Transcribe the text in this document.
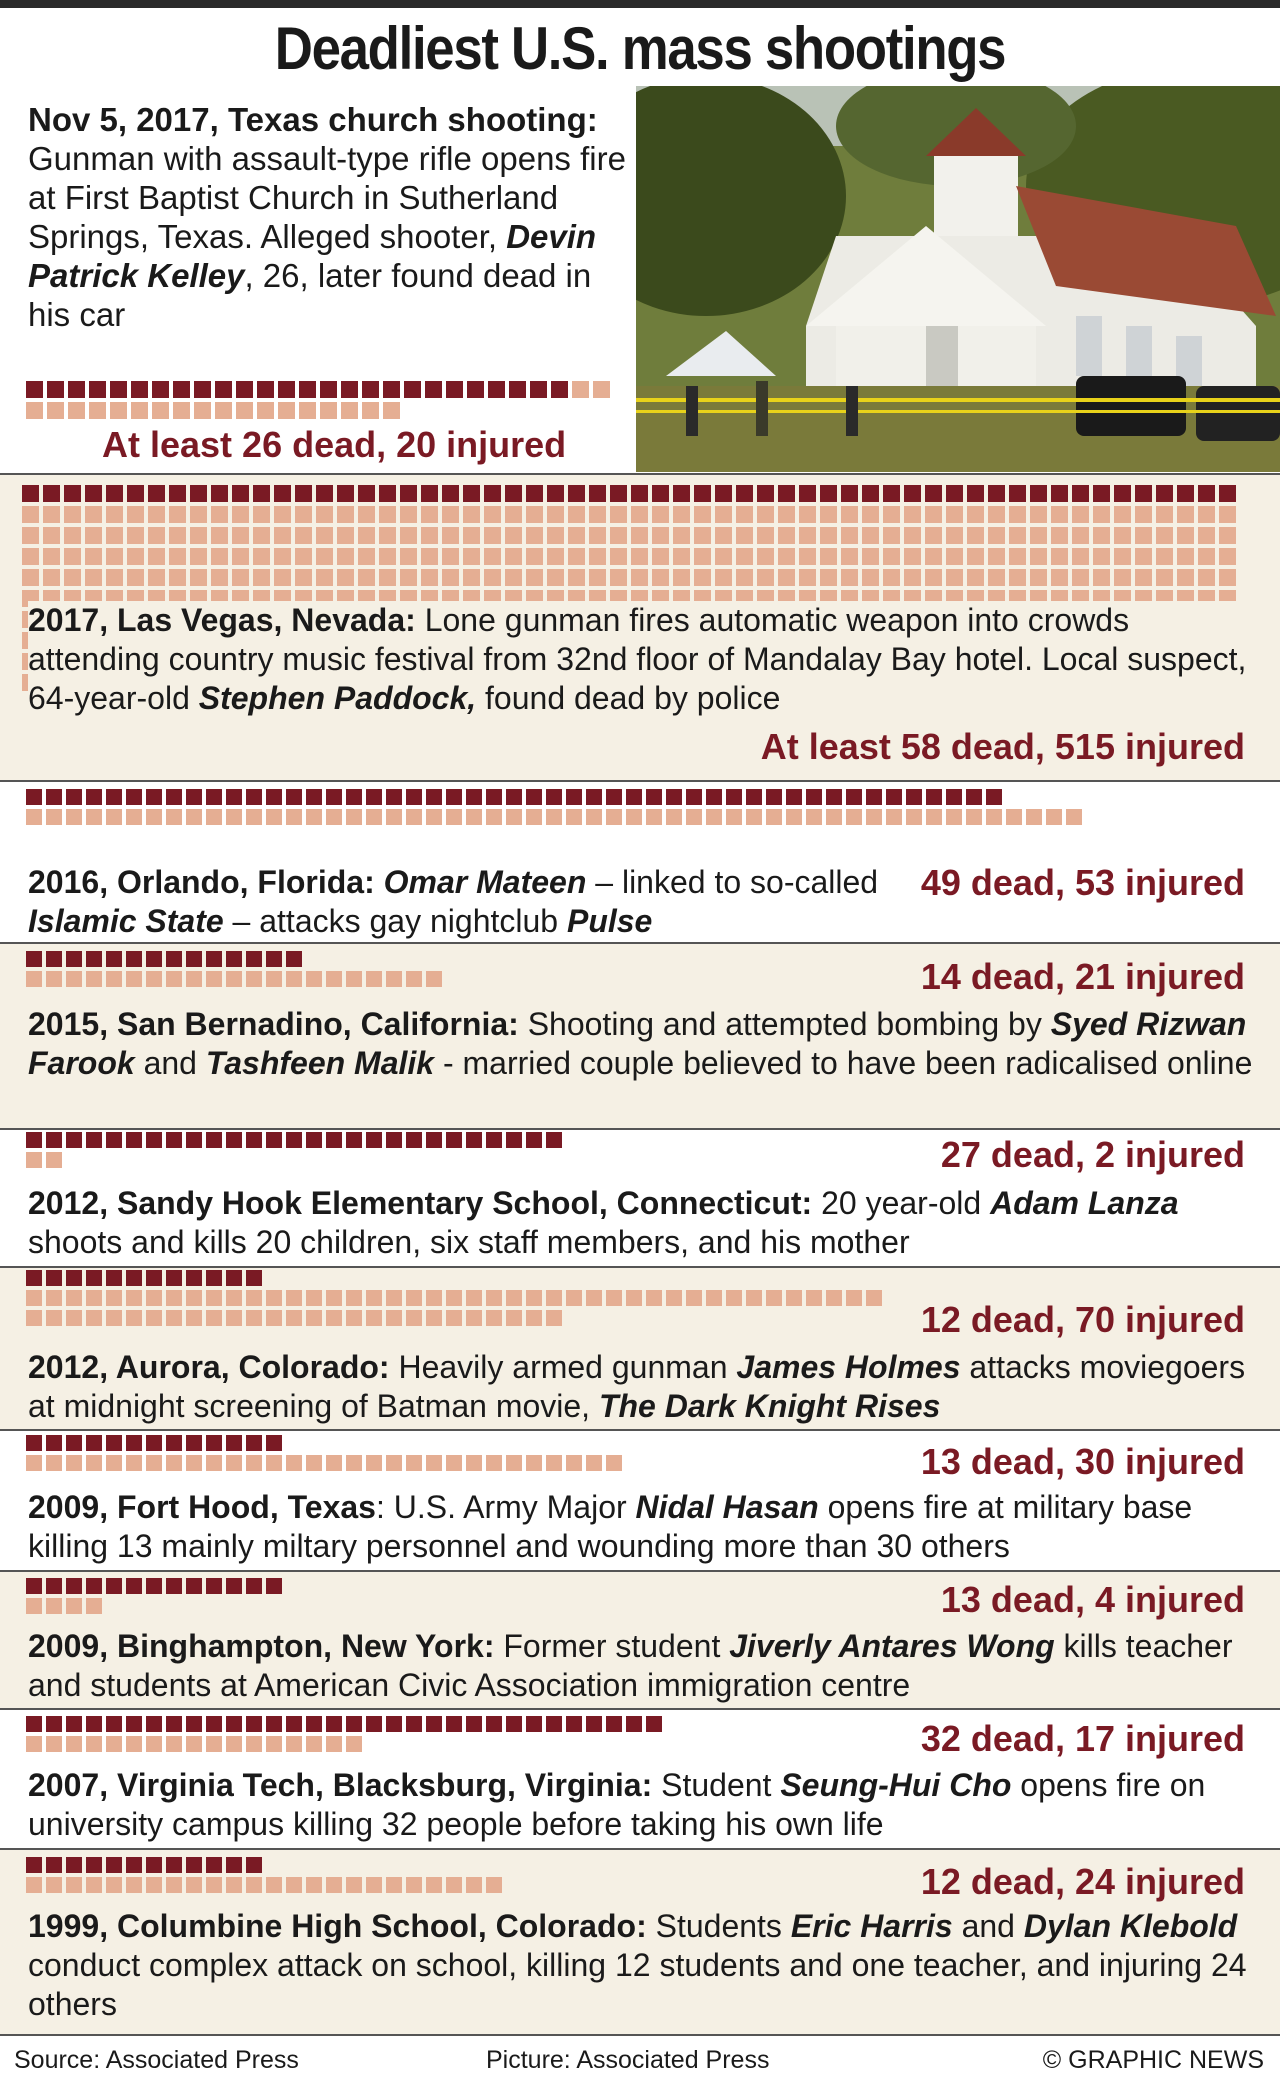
Deadliest U.S. mass shootings
Nov 5, 2017, Texas church shooting: Gunman with assault-type rifle opens fire at First Baptist Church in Sutherland Springs, Texas. Alleged shooter, Devin Patrick Kelley, 26, later found dead in his car
At least 26 dead, 20 injured
2017, Las Vegas, Nevada: Lone gunman fires automatic weapon into crowds attending country music festival from 32nd floor of Mandalay Bay hotel. Local suspect, 64-year-old Stephen Paddock, found dead by police
At least 58 dead, 515 injured
49 dead, 53 injured
2016, Orlando, Florida: Omar Mateen – linked to so-called Islamic State – attacks gay nightclub Pulse
14 dead, 21 injured
2015, San Bernadino, California: Shooting and attempted bombing by Syed Rizwan Farook and Tashfeen Malik - married couple believed to have been radicalised online
27 dead, 2 injured
2012, Sandy Hook Elementary School, Connecticut: 20 year-old Adam Lanza shoots and kills 20 children, six staff members, and his mother
12 dead, 70 injured
2012, Aurora, Colorado: Heavily armed gunman James Holmes attacks moviegoers at midnight screening of Batman movie, The Dark Knight Rises
13 dead, 30 injured
2009, Fort Hood, Texas: U.S. Army Major Nidal Hasan opens fire at military base killing 13 mainly miltary personnel and wounding more than 30 others
13 dead, 4 injured
2009, Binghampton, New York: Former student Jiverly Antares Wong kills teacher and students at American Civic Association immigration centre
32 dead, 17 injured
2007, Virginia Tech, Blacksburg, Virginia: Student Seung-Hui Cho opens fire on university campus killing 32 people before taking his own life
12 dead, 24 injured
1999, Columbine High School, Colorado: Students Eric Harris and Dylan Klebold conduct complex attack on school, killing 12 students and one teacher, and injuring 24 others
Source: Associated Press	Picture: Associated Press	© GRAPHIC NEWS
